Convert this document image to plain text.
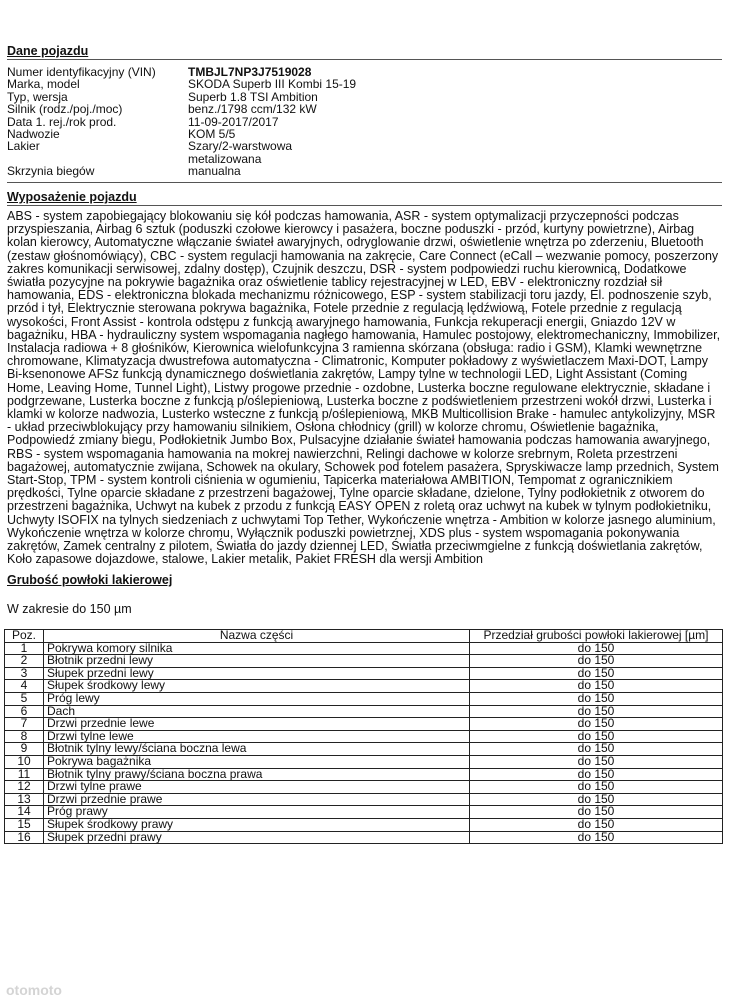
Dane pojazdu
Numer identyfikacyjny (VIN)	TMBJL7NP3J7519028
Marka, model	SKODA Superb III Kombi 15-19
Typ, wersja	Superb 1.8 TSI Ambition
Silnik (rodz./poj./moc)	benz./1798 ccm/132 kW
Data 1. rej./rok prod.	11-09-2017/2017
Nadwozie	KOM 5/5
Lakier	Szary/2-warstwowa
metalizowana
Skrzynia biegów	manualna
Wyposażenie pojazdu
ABS - system zapobiegający blokowaniu się kół podczas hamowania, ASR - system optymalizacji przyczepności podczas przyspieszania, Airbag 6 sztuk (poduszki czołowe kierowcy i pasażera, boczne poduszki - przód, kurtyny powietrzne), Airbag kolan kierowcy, Automatyczne włączanie świateł awaryjnych, odryglowanie drzwi, oświetlenie wnętrza po zderzeniu, Bluetooth (zestaw głośnomówiący), CBC - system regulacji hamowania na zakręcie, Care Connect (eCall – wezwanie pomocy, poszerzony zakres komunikacji serwisowej, zdalny dostęp), Czujnik deszczu, DSR - system podpowiedzi ruchu kierownicą, Dodatkowe światła pozycyjne na pokrywie bagażnika oraz oświetlenie tablicy rejestracyjnej w LED, EBV - elektroniczny rozdział sił hamowania, EDS - elektroniczna blokada mechanizmu różnicowego, ESP - system stabilizacji toru jazdy, El. podnoszenie szyb, przód i tył, Elektrycznie sterowana pokrywa bagażnika, Fotele przednie z regulacją lędźwiową, Fotele przednie z regulacją wysokości, Front Assist - kontrola odstępu z funkcją awaryjnego hamowania, Funkcja rekuperacji energii, Gniazdo 12V w bagażniku, HBA - hydrauliczny system wspomagania nagłego hamowania, Hamulec postojowy, elektromechaniczny, Immobilizer, Instalacja radiowa + 8 głośników, Kierownica wielofunkcyjna 3 ramienna skórzana (obsługa: radio i GSM), Klamki wewnętrzne chromowane, Klimatyzacja dwustrefowa automatyczna - Climatronic, Komputer pokładowy z wyświetlaczem Maxi-DOT, Lampy Bi-ksenonowe AFSz funkcją dynamicznego doświetlania zakrętów, Lampy tylne w technologii LED, Light Assistant (Coming Home, Leaving Home, Tunnel Light), Listwy progowe przednie - ozdobne, Lusterka boczne regulowane elektrycznie, składane i podgrzewane, Lusterka boczne z funkcją p/oślepieniową, Lusterka boczne z podświetleniem przestrzeni wokół drzwi, Lusterka i klamki w kolorze nadwozia, Lusterko wsteczne z funkcją p/oślepieniową, MKB Multicollision Brake - hamulec antykolizyjny, MSR - układ przeciwblokujący przy hamowaniu silnikiem, Osłona chłodnicy (grill) w kolorze chromu, Oświetlenie bagażnika, Podpowiedź zmiany biegu, Podłokietnik Jumbo Box, Pulsacyjne działanie świateł hamowania podczas hamowania awaryjnego, RBS - system wspomagania hamowania na mokrej nawierzchni, Relingi dachowe w kolorze srebrnym, Roleta przestrzeni bagażowej, automatycznie zwijana, Schowek na okulary, Schowek pod fotelem pasażera, Spryskiwacze lamp przednich, System Start-Stop, TPM - system kontroli ciśnienia w ogumieniu, Tapicerka materiałowa AMBITION, Tempomat z ogranicznikiem prędkości, Tylne oparcie składane z przestrzeni bagażowej, Tylne oparcie składane, dzielone, Tylny podłokietnik z otworem do przestrzeni bagażnika, Uchwyt na kubek z przodu z funkcją EASY OPEN z roletą oraz uchwyt na kubek w tylnym podłokietniku, Uchwyty ISOFIX na tylnych siedzeniach z uchwytami Top Tether, Wykończenie wnętrza - Ambition w kolorze jasnego aluminium, Wykończenie wnętrza w kolorze chromu, Wyłącznik poduszki powietrznej, XDS plus - system wspomagania pokonywania zakrętów, Zamek centralny z pilotem, Światła do jazdy dziennej LED, Światła przeciwmgielne z funkcją doświetlania zakrętów, Koło zapasowe dojazdowe, stalowe, Lakier metalik, Pakiet FRESH dla wersji Ambition
Grubość powłoki lakierowej
W zakresie do 150 µm
Poz.	Nazwa części	Przedział grubości powłoki lakierowej [µm]
1	Pokrywa komory silnika	do 150
2	Błotnik przedni lewy	do 150
3	Słupek przedni lewy	do 150
4	Słupek środkowy lewy	do 150
5	Próg lewy	do 150
6	Dach	do 150
7	Drzwi przednie lewe	do 150
8	Drzwi tylne lewe	do 150
9	Błotnik tylny lewy/ściana boczna lewa	do 150
10	Pokrywa bagażnika	do 150
11	Błotnik tylny prawy/ściana boczna prawa	do 150
12	Drzwi tylne prawe	do 150
13	Drzwi przednie prawe	do 150
14	Próg prawy	do 150
15	Słupek środkowy prawy	do 150
16	Słupek przedni prawy	do 150
otomoto
